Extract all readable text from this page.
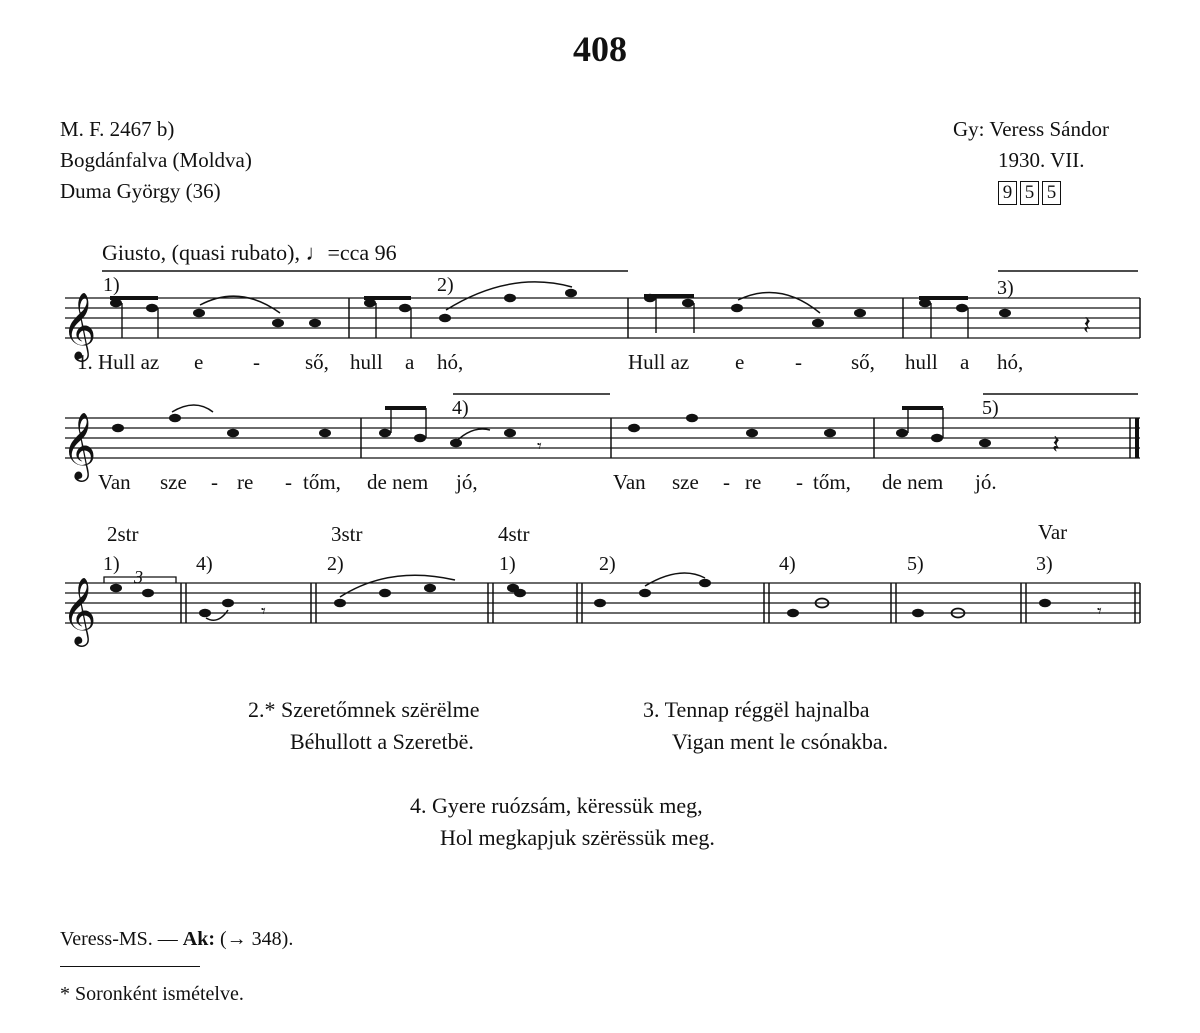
408
M. F. 2467 b)
Bogdánfalva (Moldva)
Duma György (36)
Gy: Veress Sándor
1930. VII.
9 5 5
Giusto, (quasi rubato), ♩=cca 96
𝄞
𝄞
𝄞
𝄽
𝄽
𝄾
𝄾	𝄾
1)	2)	3)
4)	5)
1)	4)	2)	1)	2)	4)	5)	3)
2str	3str	4str	Var
3
1. Hull az e - ső, hull a hó,	Hull az e - ső, hull a hó,
Van sze - re - tőm, de nem jó,	Van sze - re - tőm, de nem jó.
2.* Szeretőmnek szërëlme
Béhullott a Szeretbë.
3. Tennap réggël hajnalba
Vigan ment le csónakba.
4. Gyere ruózsám, këressük meg,
Hol megkapjuk szërëssük meg.
Veress-MS. — Ak: (→ 348).
* Soronként ismételve.
